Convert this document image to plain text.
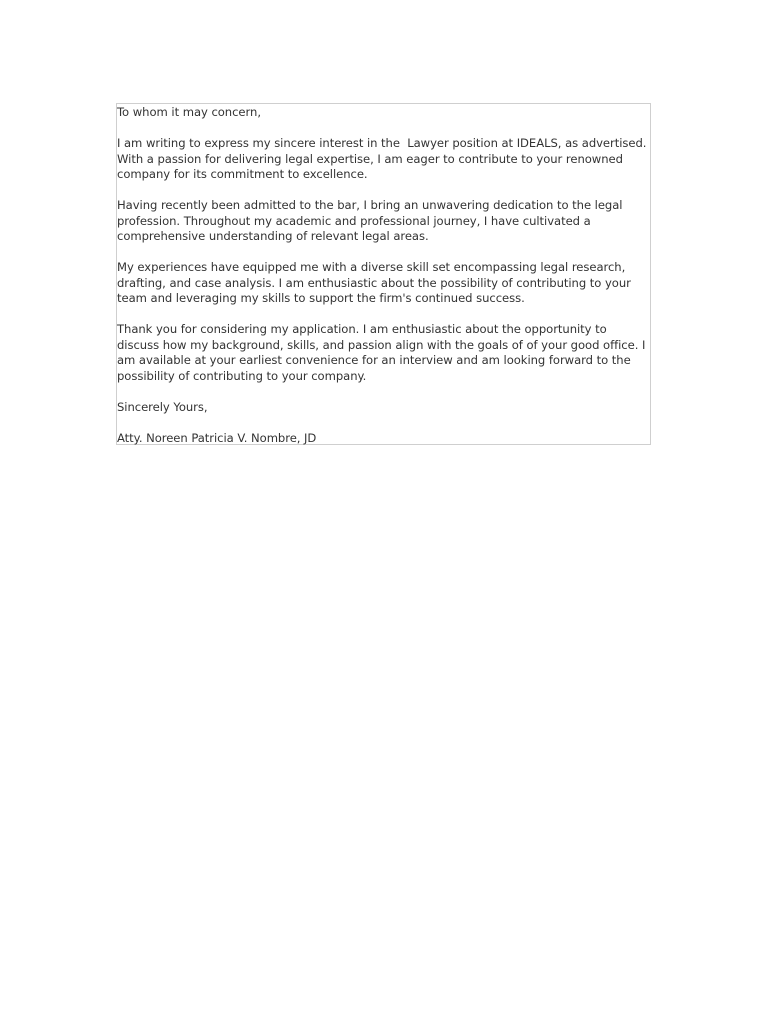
To whom it may concern,

I am writing to express my sincere interest in the  Lawyer position at IDEALS, as advertised. With a passion for delivering legal expertise, I am eager to contribute to your renowned company for its commitment to excellence.

Having recently been admitted to the bar, I bring an unwavering dedication to the legal profession. Throughout my academic and professional journey, I have cultivated a comprehensive understanding of relevant legal areas.

My experiences have equipped me with a diverse skill set encompassing legal research, drafting, and case analysis. I am enthusiastic about the possibility of contributing to your team and leveraging my skills to support the firm's continued success.

Thank you for considering my application. I am enthusiastic about the opportunity to discuss how my background, skills, and passion align with the goals of of your good office. I am available at your earliest convenience for an interview and am looking forward to the possibility of contributing to your company.

Sincerely Yours,

Atty. Noreen Patricia V. Nombre, JD
